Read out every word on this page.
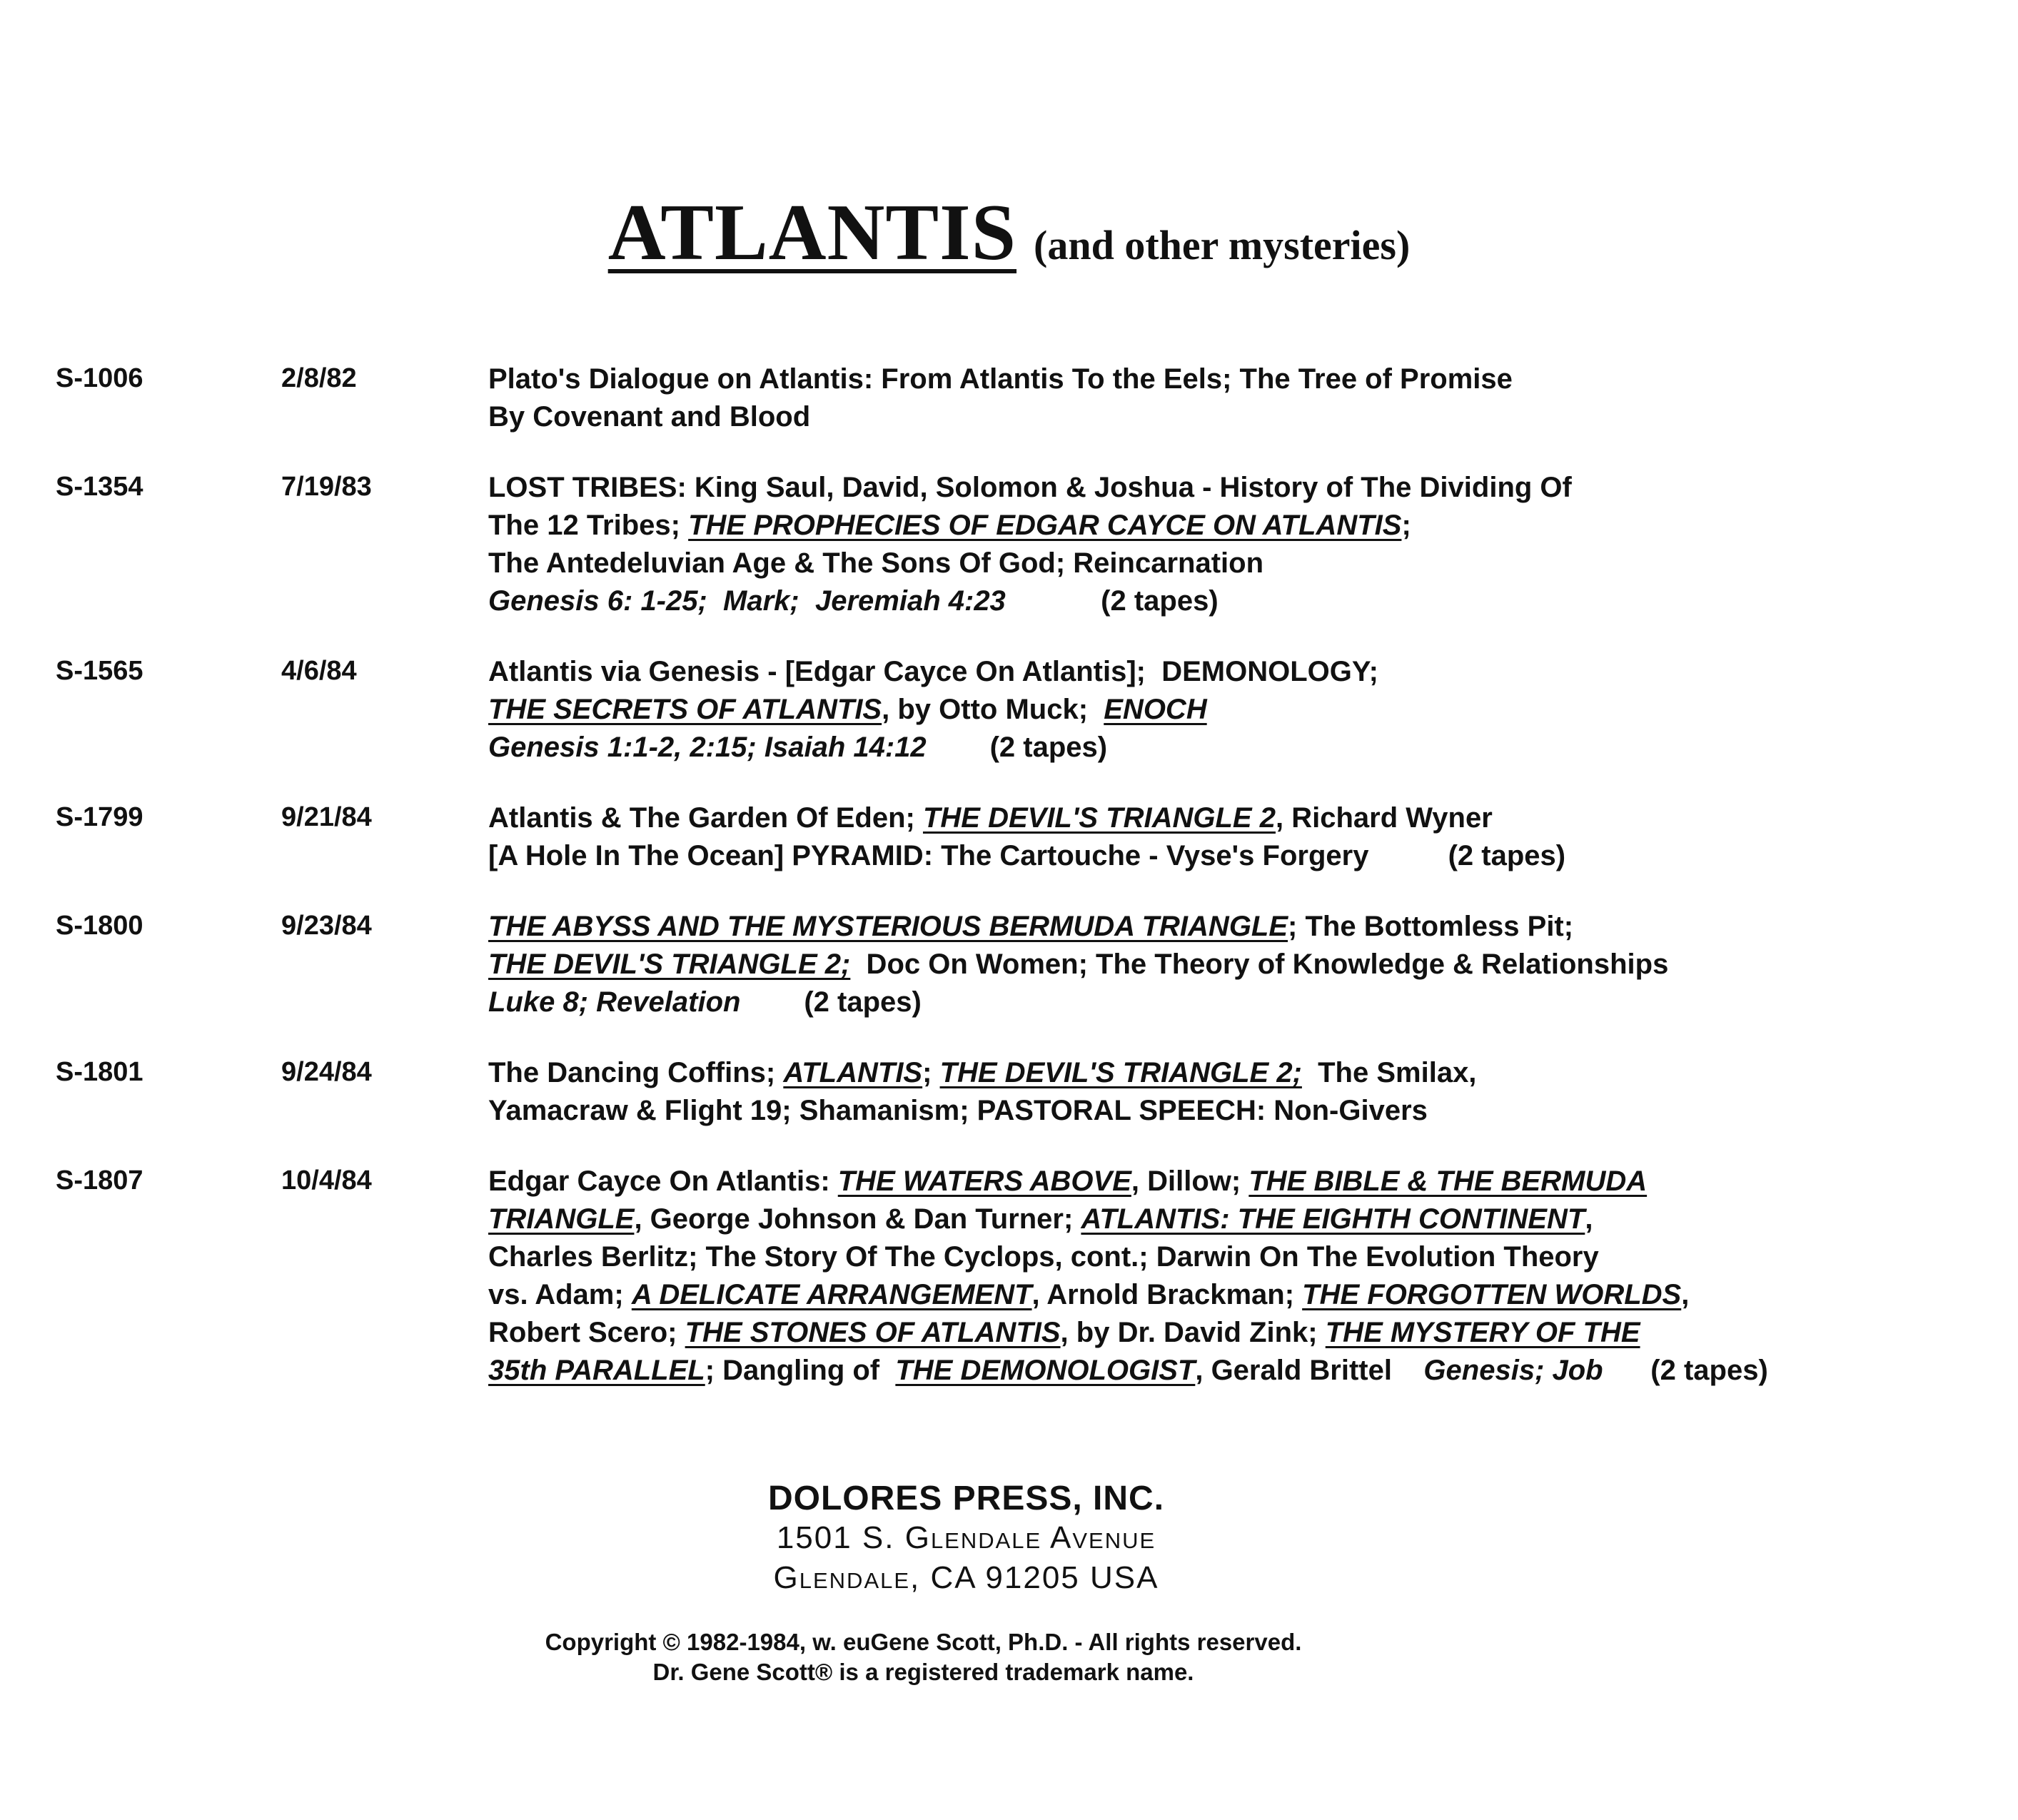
ATLANTIS (and other mysteries)
S-1006	2/8/82	Plato's Dialogue on Atlantis: From Atlantis To the Eels; The Tree of Promise
By Covenant and Blood
S-1354	7/19/83	LOST TRIBES: King Saul, David, Solomon & Joshua - History of The Dividing Of
The 12 Tribes; THE PROPHECIES OF EDGAR CAYCE ON ATLANTIS;
The Antedeluvian Age & The Sons Of God; Reincarnation
Genesis 6: 1-25;  Mark;  Jeremiah 4:23            (2 tapes)
S-1565	4/6/84	Atlantis via Genesis - [Edgar Cayce On Atlantis];  DEMONOLOGY;
THE SECRETS OF ATLANTIS, by Otto Muck;  ENOCH
Genesis 1:1-2, 2:15; Isaiah 14:12        (2 tapes)
S-1799	9/21/84	Atlantis & The Garden Of Eden; THE DEVIL'S TRIANGLE 2, Richard Wyner
[A Hole In The Ocean] PYRAMID: The Cartouche - Vyse's Forgery          (2 tapes)
S-1800	9/23/84	THE ABYSS AND THE MYSTERIOUS BERMUDA TRIANGLE; The Bottomless Pit;
THE DEVIL'S TRIANGLE 2;  Doc On Women; The Theory of Knowledge & Relationships
Luke 8; Revelation        (2 tapes)
S-1801	9/24/84	The Dancing Coffins; ATLANTIS; THE DEVIL'S TRIANGLE 2;  The Smilax,
Yamacraw & Flight 19; Shamanism; PASTORAL SPEECH: Non-Givers
S-1807	10/4/84	Edgar Cayce On Atlantis: THE WATERS ABOVE, Dillow; THE BIBLE & THE BERMUDA
TRIANGLE, George Johnson & Dan Turner; ATLANTIS: THE EIGHTH CONTINENT,
Charles Berlitz; The Story Of The Cyclops, cont.; Darwin On The Evolution Theory
vs. Adam; A DELICATE ARRANGEMENT, Arnold Brackman; THE FORGOTTEN WORLDS,
Robert Scero; THE STONES OF ATLANTIS, by Dr. David Zink; THE MYSTERY OF THE
35th PARALLEL; Dangling of  THE DEMONOLOGIST, Gerald Brittel    Genesis; Job      (2 tapes)
DOLORES PRESS, INC.
1501 S. Glendale Avenue
Glendale, CA 91205 USA
Copyright © 1982-1984, w. euGene Scott, Ph.D. - All rights reserved.
Dr. Gene Scott® is a registered trademark name.
